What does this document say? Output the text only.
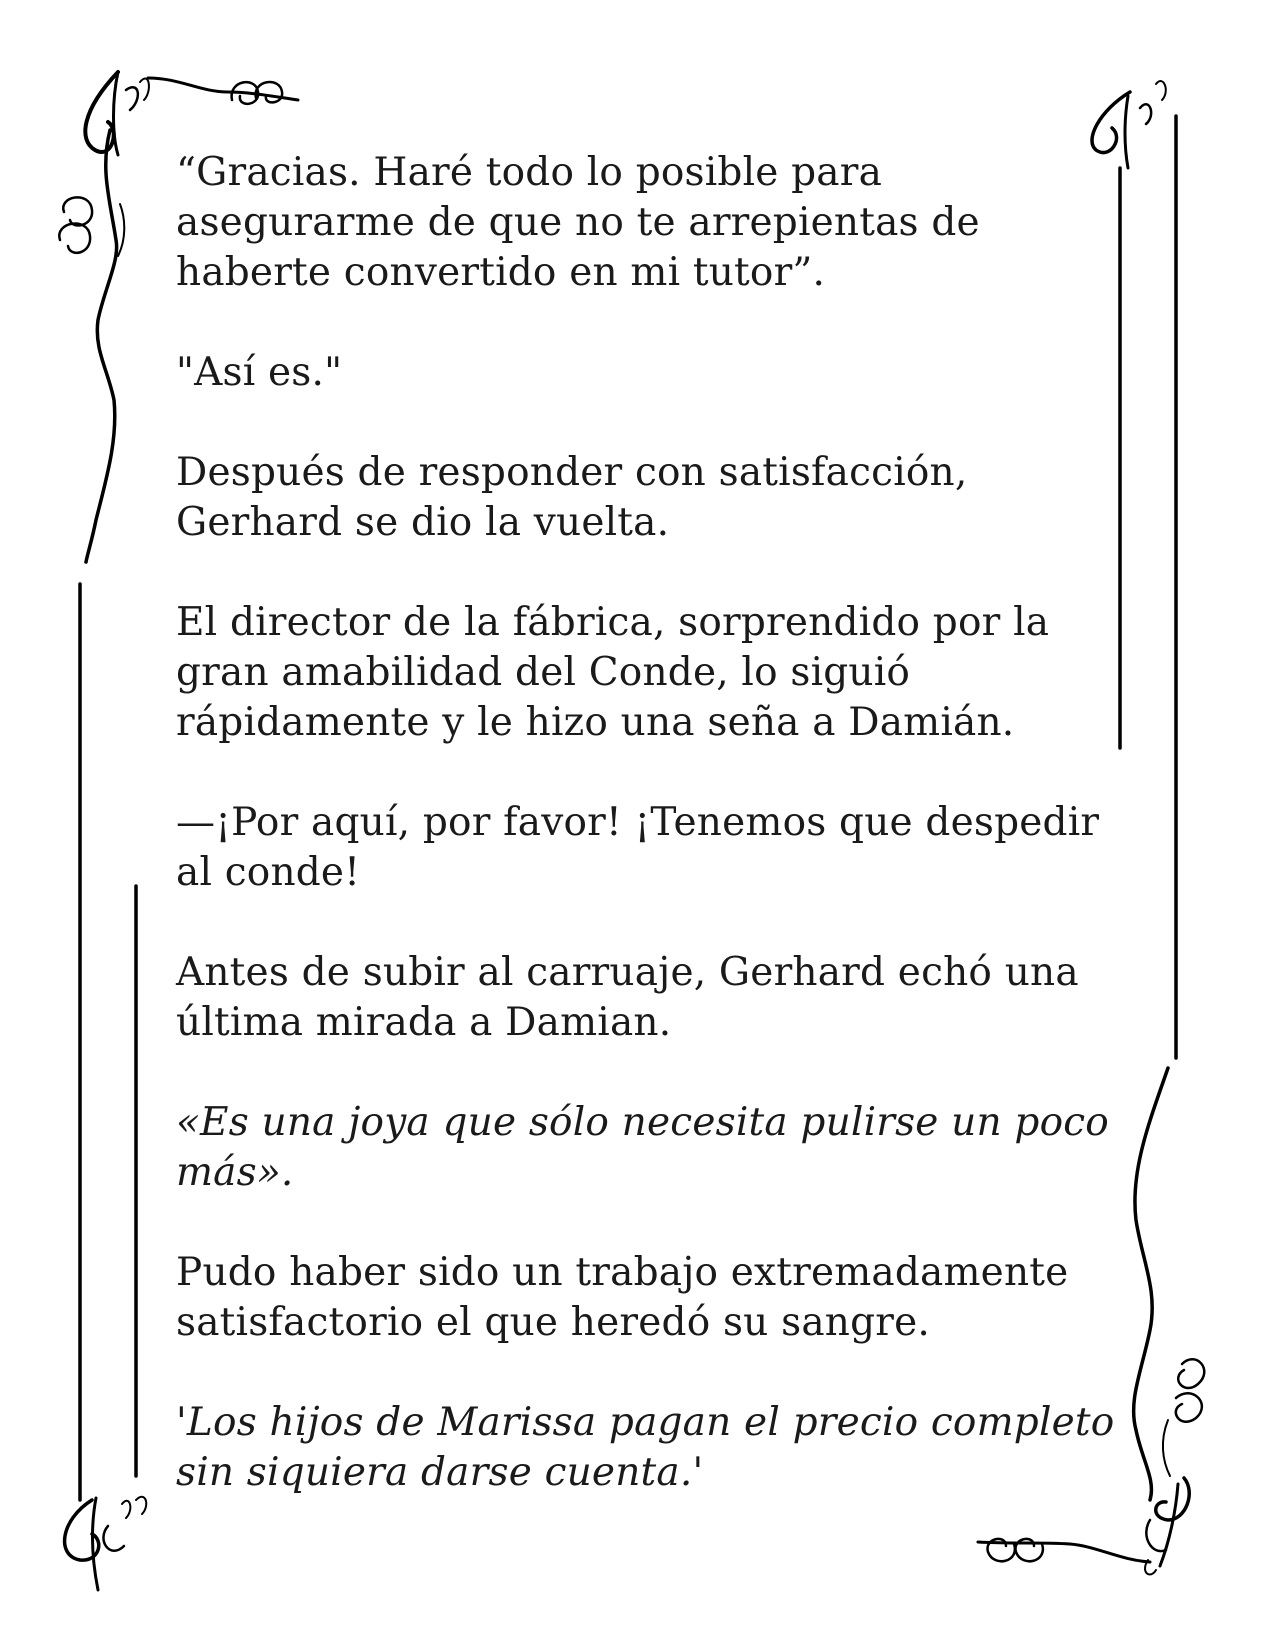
“Gracias. Haré todo lo posible para asegurarme de que no te arrepientas de haberte convertido en mi tutor”.

"Así es."

Después de responder con satisfacción, Gerhard se dio la vuelta.

El director de la fábrica, sorprendido por la gran amabilidad del Conde, lo siguió rápidamente y le hizo una seña a Damián.

—¡Por aquí, por favor! ¡Tenemos que despedir al conde!

Antes de subir al carruaje, Gerhard echó una última mirada a Damian.

«Es una joya que sólo necesita pulirse un poco más».

Pudo haber sido un trabajo extremadamente satisfactorio el que heredó su sangre.

'Los hijos de Marissa pagan el precio completo sin siquiera darse cuenta.'
